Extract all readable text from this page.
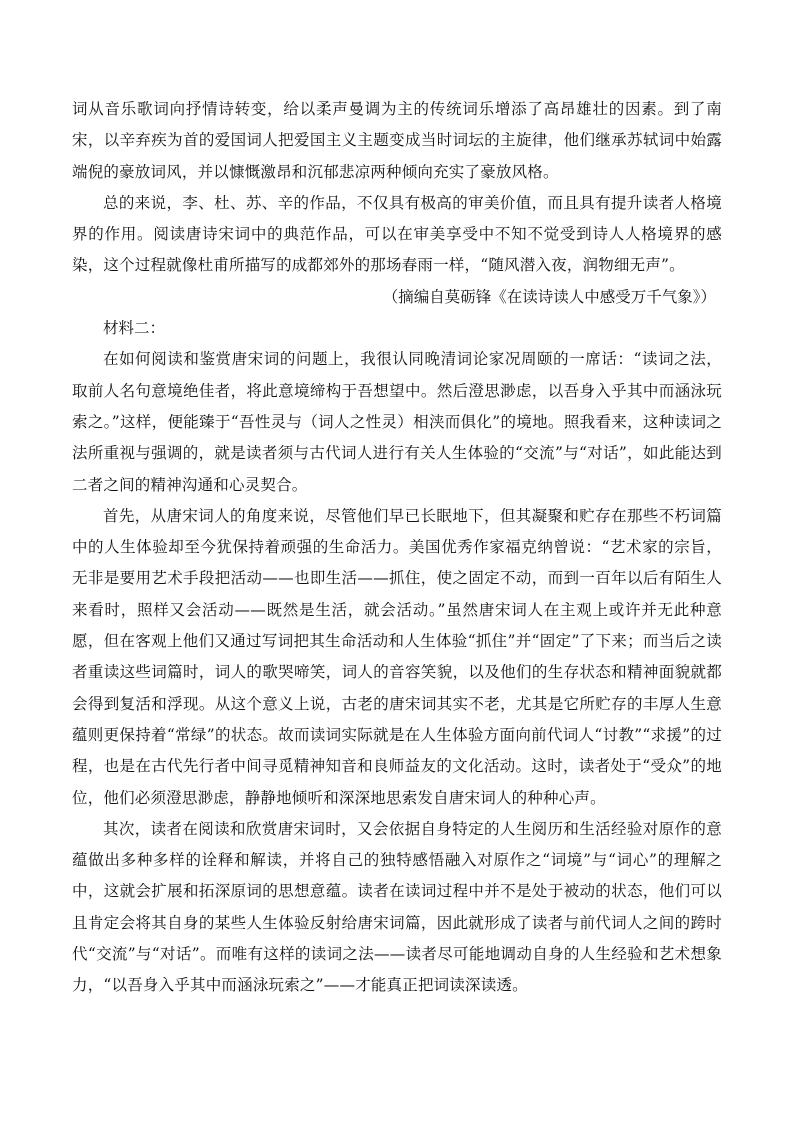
词从音乐歌词向抒情诗转变，给以柔声曼调为主的传统词乐增添了高昂雄壮的因素。到了南宋，以辛弃疾为首的爱国词人把爱国主义主题变成当时词坛的主旋律，他们继承苏轼词中始露端倪的豪放词风，并以慷慨激昂和沉郁悲凉两种倾向充实了豪放风格。

总的来说，李、杜、苏、辛的作品，不仅具有极高的审美价值，而且具有提升读者人格境界的作用。阅读唐诗宋词中的典范作品，可以在审美享受中不知不觉受到诗人人格境界的感染，这个过程就像杜甫所描写的成都郊外的那场春雨一样，“随风潜入夜，润物细无声”。

（摘编自莫砺锋《在读诗读人中感受万千气象》）

材料二：

在如何阅读和鉴赏唐宋词的问题上，我很认同晚清词论家况周颐的一席话：“读词之法，取前人名句意境绝佳者，将此意境缔构于吾想望中。然后澄思渺虑，以吾身入乎其中而涵泳玩索之。”这样，便能臻于“吾性灵与（词人之性灵）相浃而俱化”的境地。照我看来，这种读词之法所重视与强调的，就是读者须与古代词人进行有关人生体验的“交流”与“对话”，如此能达到二者之间的精神沟通和心灵契合。

首先，从唐宋词人的角度来说，尽管他们早已长眠地下，但其凝聚和贮存在那些不朽词篇中的人生体验却至今犹保持着顽强的生命活力。美国优秀作家福克纳曾说：“艺术家的宗旨，无非是要用艺术手段把活动——也即生活——抓住，使之固定不动，而到一百年以后有陌生人来看时，照样又会活动——既然是生活，就会活动。”虽然唐宋词人在主观上或许并无此种意愿，但在客观上他们又通过写词把其生命活动和人生体验“抓住”并“固定”了下来；而当后之读者重读这些词篇时，词人的歌哭啼笑，词人的音容笑貌，以及他们的生存状态和精神面貌就都会得到复活和浮现。从这个意义上说，古老的唐宋词其实不老，尤其是它所贮存的丰厚人生意蕴则更保持着“常绿”的状态。故而读词实际就是在人生体验方面向前代词人“讨教”“求援”的过程，也是在古代先行者中间寻觅精神知音和良师益友的文化活动。这时，读者处于“受众”的地位，他们必须澄思渺虑，静静地倾听和深深地思索发自唐宋词人的种种心声。

其次，读者在阅读和欣赏唐宋词时，又会依据自身特定的人生阅历和生活经验对原作的意蕴做出多种多样的诠释和解读，并将自己的独特感悟融入对原作之“词境”与“词心”的理解之中，这就会扩展和拓深原词的思想意蕴。读者在读词过程中并不是处于被动的状态，他们可以且肯定会将其自身的某些人生体验反射给唐宋词篇，因此就形成了读者与前代词人之间的跨时代“交流”与“对话”。而唯有这样的读词之法——读者尽可能地调动自身的人生经验和艺术想象力，“以吾身入乎其中而涵泳玩索之”——才能真正把词读深读透。
